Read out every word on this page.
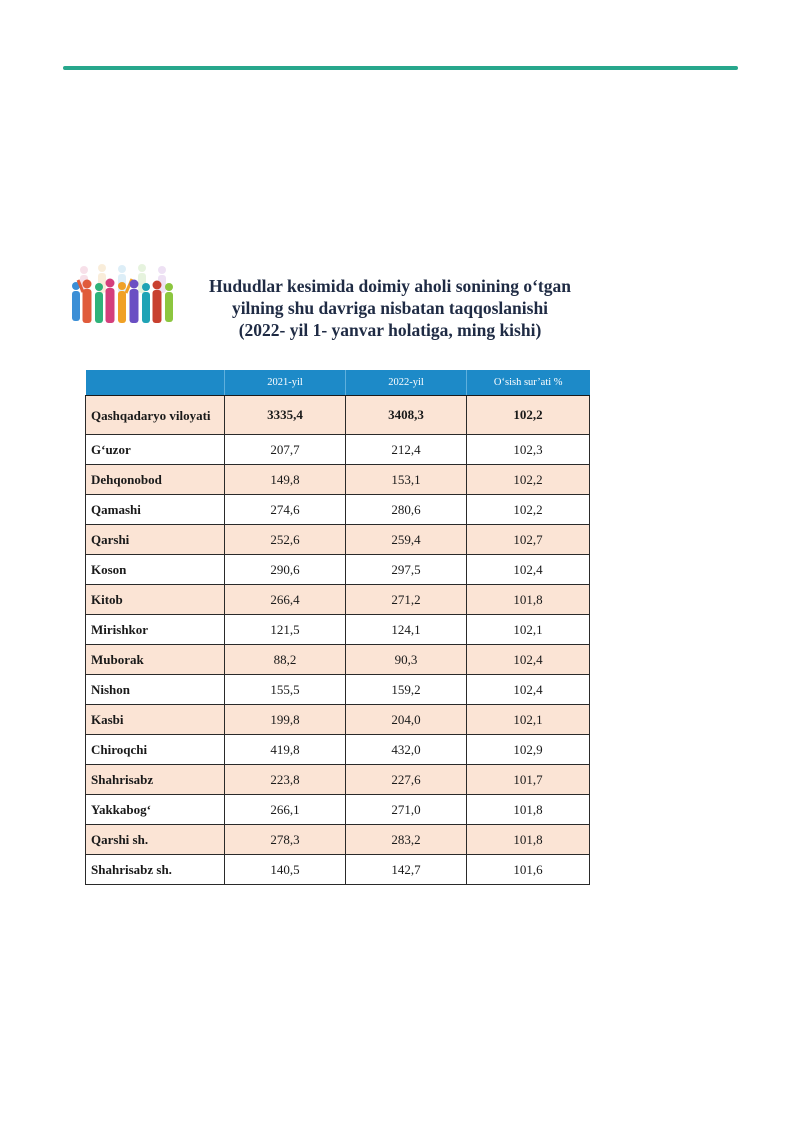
Hududlar kesimida doimiy aholi sonining o‘tgan
yilning shu davriga nisbatan taqqoslanishi
(2022- yil 1- yanvar holatiga, ming kishi)
	2021-yil	2022-yil	O‘sish sur’ati %
Qashqadaryo viloyati	3335,4	3408,3	102,2
G‘uzor	207,7	212,4	102,3
Dehqonobod	149,8	153,1	102,2
Qamashi	274,6	280,6	102,2
Qarshi	252,6	259,4	102,7
Koson	290,6	297,5	102,4
Kitob	266,4	271,2	101,8
Mirishkor	121,5	124,1	102,1
Muborak	88,2	90,3	102,4
Nishon	155,5	159,2	102,4
Kasbi	199,8	204,0	102,1
Chiroqchi	419,8	432,0	102,9
Shahrisabz	223,8	227,6	101,7
Yakkabog‘	266,1	271,0	101,8
Qarshi sh.	278,3	283,2	101,8
Shahrisabz sh.	140,5	142,7	101,6
